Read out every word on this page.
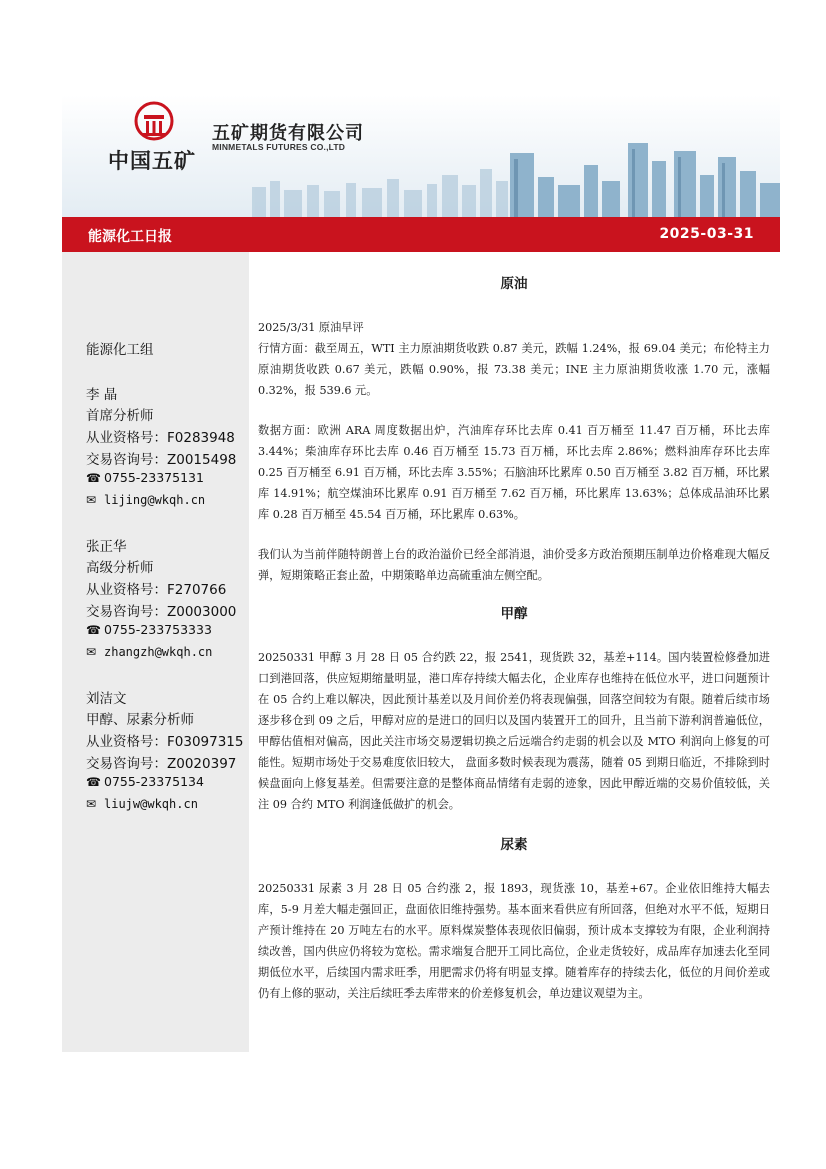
中国五矿
五矿期货有限公司
MINMETALS FUTURES CO.,LTD
能源化工日报	2025-03-31
能源化工组
李 晶
首席分析师
从业资格号：F0283948
交易咨询号：Z0015498
☎ 0755-23375131
✉ lijing@wkqh.cn
张正华
高级分析师
从业资格号：F270766
交易咨询号：Z0003000
☎ 0755-233753333
✉ zhangzh@wkqh.cn
刘洁文
甲醇、尿素分析师
从业资格号：F03097315
交易咨询号：Z0020397
☎ 0755-23375134
✉ liujw@wkqh.cn
原油

2025/3/31 原油早评

行情方面：截至周五，WTI 主力原油期货收跌 0.87 美元，跌幅 1.24%，报 69.04 美元；布伦特主力原油期货收跌 0.67 美元，跌幅 0.90%，报 73.38 美元；INE 主力原油期货收涨 1.70 元，涨幅 0.32%，报 539.6 元。

数据方面：欧洲 ARA 周度数据出炉，汽油库存环比去库 0.41 百万桶至 11.47 百万桶，环比去库 3.44%；柴油库存环比去库 0.46 百万桶至 15.73 百万桶，环比去库 2.86%；燃料油库存环比去库 0.25 百万桶至 6.91 百万桶，环比去库 3.55%；石脑油环比累库 0.50 百万桶至 3.82 百万桶，环比累库 14.91%；航空煤油环比累库 0.91 百万桶至 7.62 百万桶，环比累库 13.63%；总体成品油环比累库 0.28 百万桶至 45.54 百万桶，环比累库 0.63%。

我们认为当前伴随特朗普上台的政治溢价已经全部消退，油价受多方政治预期压制单边价格难现大幅反弹，短期策略正套止盈，中期策略单边高硫重油左侧空配。

甲醇

20250331 甲醇 3 月 28 日 05 合约跌 22，报 2541，现货跌 32，基差+114。国内装置检修叠加进口到港回落，供应短期缩量明显，港口库存持续大幅去化，企业库存也维持在低位水平，进口问题预计在 05 合约上难以解决，因此预计基差以及月间价差仍将表现偏强，回落空间较为有限。随着后续市场逐步移仓到 09 之后，甲醇对应的是进口的回归以及国内装置开工的回升，且当前下游利润普遍低位，甲醇估值相对偏高，因此关注市场交易逻辑切换之后远端合约走弱的机会以及 MTO 利润向上修复的可能性。短期市场处于交易难度依旧较大， 盘面多数时候表现为震荡，随着 05 到期日临近，不排除到时候盘面向上修复基差。但需要注意的是整体商品情绪有走弱的迹象，因此甲醇近端的交易价值较低，关注 09 合约 MTO 利润逢低做扩的机会。

尿素

20250331 尿素 3 月 28 日 05 合约涨 2，报 1893，现货涨 10，基差+67。企业依旧维持大幅去库，5-9 月差大幅走强回正，盘面依旧维持强势。基本面来看供应有所回落，但绝对水平不低，短期日产预计维持在 20 万吨左右的水平。原料煤炭整体表现依旧偏弱，预计成本支撑较为有限，企业利润持续改善，国内供应仍将较为宽松。需求端复合肥开工同比高位，企业走货较好，成品库存加速去化至同期低位水平，后续国内需求旺季，用肥需求仍将有明显支撑。随着库存的持续去化，低位的月间价差或仍有上修的驱动，关注后续旺季去库带来的价差修复机会，单边建议观望为主。
